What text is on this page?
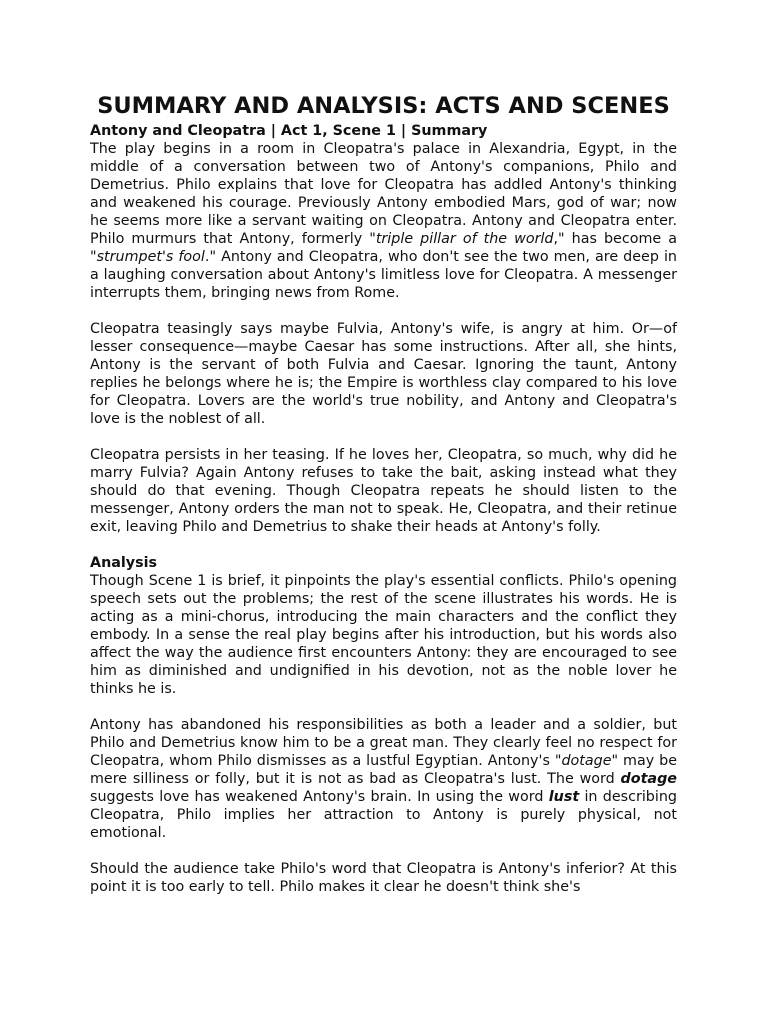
SUMMARY AND ANALYSIS: ACTS AND SCENES
Antony and Cleopatra | Act 1, Scene 1 | Summary

The play begins in a room in Cleopatra's palace in Alexandria, Egypt, in the middle of a conversation between two of Antony's companions, Philo and Demetrius. Philo explains that love for Cleopatra has addled Antony's thinking and weakened his courage. Previously Antony embodied Mars, god of war; now he seems more like a servant waiting on Cleopatra. Antony and Cleopatra enter. Philo murmurs that Antony, formerly "triple pillar of the world," has become a "strumpet's fool." Antony and Cleopatra, who don't see the two men, are deep in a laughing conversation about Antony's limitless love for Cleopatra. A messenger interrupts them, bringing news from Rome.

Cleopatra teasingly says maybe Fulvia, Antony's wife, is angry at him. Or—of lesser consequence—maybe Caesar has some instructions. After all, she hints, Antony is the servant of both Fulvia and Caesar. Ignoring the taunt, Antony replies he belongs where he is; the Empire is worthless clay compared to his love for Cleopatra. Lovers are the world's true nobility, and Antony and Cleopatra's love is the noblest of all.

Cleopatra persists in her teasing. If he loves her, Cleopatra, so much, why did he marry Fulvia? Again Antony refuses to take the bait, asking instead what they should do that evening. Though Cleopatra repeats he should listen to the messenger, Antony orders the man not to speak. He, Cleopatra, and their retinue exit, leaving Philo and Demetrius to shake their heads at Antony's folly.

Analysis

Though Scene 1 is brief, it pinpoints the play's essential conflicts. Philo's opening speech sets out the problems; the rest of the scene illustrates his words. He is acting as a mini-chorus, introducing the main characters and the conflict they embody. In a sense the real play begins after his introduction, but his words also affect the way the audience first encounters Antony: they are encouraged to see him as diminished and undignified in his devotion, not as the noble lover he thinks he is.

Antony has abandoned his responsibilities as both a leader and a soldier, but Philo and Demetrius know him to be a great man. They clearly feel no respect for Cleopatra, whom Philo dismisses as a lustful Egyptian. Antony's "dotage" may be mere silliness or folly, but it is not as bad as Cleopatra's lust. The word dotage suggests love has weakened Antony's brain. In using the word lust in describing Cleopatra, Philo implies her attraction to Antony is purely physical, not emotional.

Should the audience take Philo's word that Cleopatra is Antony's inferior? At this point it is too early to tell. Philo makes it clear he doesn't think she's
